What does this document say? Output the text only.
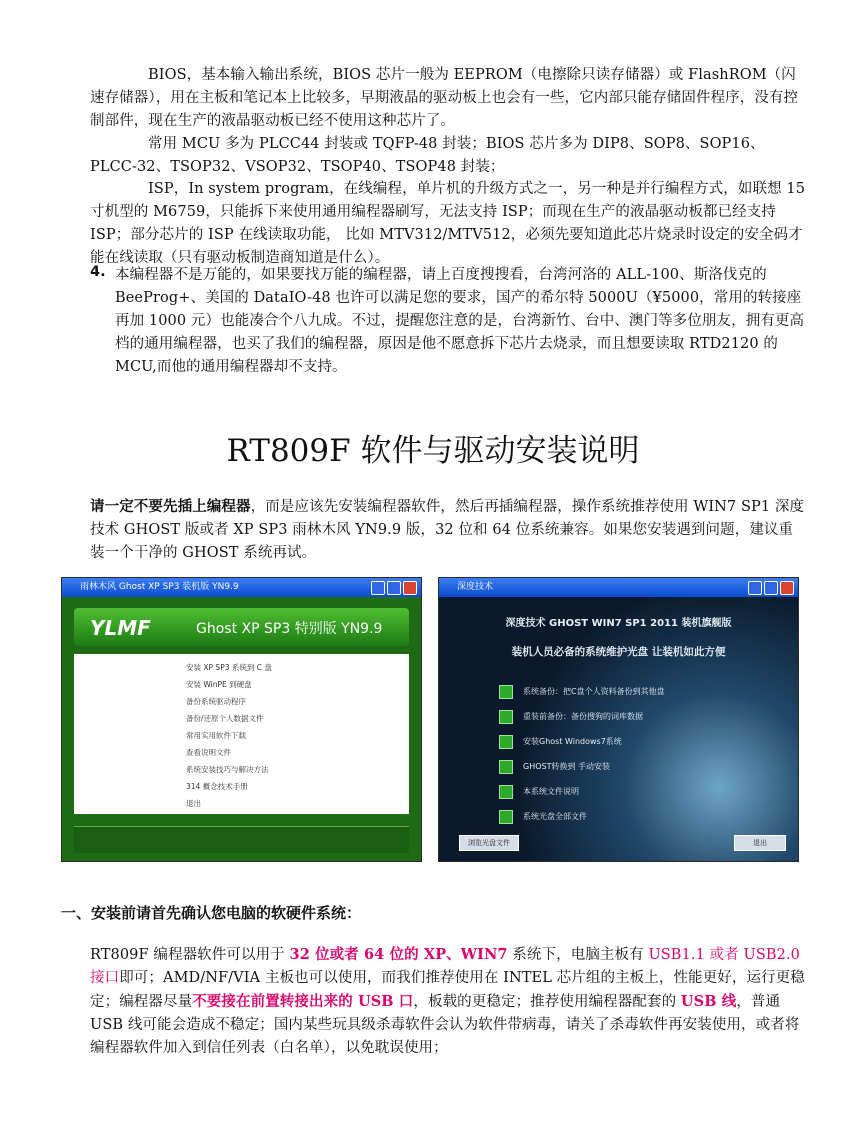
BIOS，基本输入输出系统，BIOS 芯片一般为 EEPROM（电擦除只读存储器）或 FlashROM（闪速存储器），用在主板和笔记本上比较多，早期液晶的驱动板上也会有一些，它内部只能存储固件程序，没有控制部件，现在生产的液晶驱动板已经不使用这种芯片了。

常用 MCU 多为 PLCC44 封装或 TQFP-48 封装；BIOS 芯片多为 DIP8、SOP8、SOP16、PLCC-32、TSOP32、VSOP32、TSOP40、TSOP48 封装；

ISP，In system program，在线编程，单片机的升级方式之一，另一种是并行编程方式，如联想 15 寸机型的 M6759，只能拆下来使用通用编程器刷写，无法支持 ISP；而现在生产的液晶驱动板都已经支持 ISP；部分芯片的 ISP 在线读取功能， 比如 MTV312/MTV512，必须先要知道此芯片烧录时设定的安全码才能在线读取（只有驱动板制造商知道是什么）。

4. 本编程器不是万能的，如果要找万能的编程器，请上百度搜搜看，台湾河洛的 ALL-100、斯洛伐克的 BeeProg+、美国的 DataIO-48 也许可以满足您的要求，国产的希尔特 5000U（¥5000，常用的转接座再加 1000 元）也能凑合个八九成。不过，提醒您注意的是，台湾新竹、台中、澳门等多位朋友，拥有更高档的通用编程器，也买了我们的编程器，原因是他不愿意拆下芯片去烧录，而且想要读取 RTD2120 的 MCU,而他的通用编程器却不支持。

RT809F 软件与驱动安装说明

请一定不要先插上编程器，而是应该先安装编程器软件，然后再插编程器，操作系统推荐使用 WIN7 SP1 深度技术 GHOST 版或者 XP SP3 雨林木风 YN9.9 版，32 位和 64 位系统兼容。如果您安装遇到问题，建议重装一个干净的 GHOST 系统再试。

雨林木风 Ghost XP SP3 装机版 YN9.9
YLMF	Ghost XP SP3 特别版 YN9.9
安装 XP SP3 系统到 C 盘
安装 WinPE 到硬盘
备份系统驱动程序
备份/还原个人数据文件
常用实用软件下载
查看说明文件
系统安装技巧与解决方法
314 概念技术手册
退出
深度技术
深度技术 GHOST WIN7 SP1 2011 装机旗舰版
装机人员必备的系统维护光盘 让装机如此方便
系统备份：把C盘个人资料备份到其他盘
重装前备份：备份搜狗的词库数据
安装Ghost Windows7系统
GHOST转换到 手动安装
本系统文件说明
系统光盘全部文件
浏览光盘文件	退出
一、安装前请首先确认您电脑的软硬件系统：

RT809F 编程器软件可以用于 32 位或者 64 位的 XP、WIN7 系统下，电脑主板有 USB1.1 或者 USB2.0 接口即可；AMD/NF/VIA 主板也可以使用，而我们推荐使用在 INTEL 芯片组的主板上，性能更好，运行更稳定；编程器尽量不要接在前置转接出来的 USB 口，板载的更稳定；推荐使用编程器配套的 USB 线，普通 USB 线可能会造成不稳定；国内某些玩具级杀毒软件会认为软件带病毒，请关了杀毒软件再安装使用，或者将编程器软件加入到信任列表（白名单），以免耽误使用；
